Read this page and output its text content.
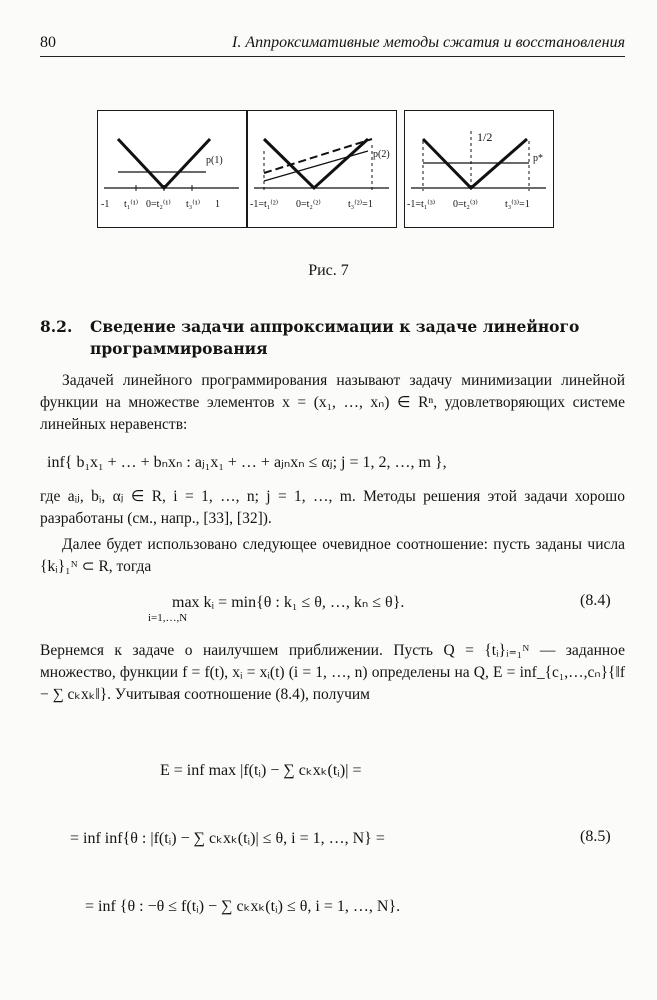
80	I. Аппроксимативные методы сжатия и восстановления
p(1)
-1 t₁⁽¹⁾ 0=t₂⁽¹⁾ t₃⁽¹⁾ 1
p(2)
-1=t₁⁽²⁾ 0=t₂⁽²⁾	t₃⁽²⁾=1
1/2
p*
-1=t₁⁽³⁾ 0=t₂⁽³⁾	t₃⁽³⁾=1
Рис. 7
8.2. Сведение задачи аппроксимации к задаче линейного программирования
Задачей линейного программирования называют задачу минимизации линейной функции на множестве элементов x = (x₁, …, xₙ) ∈ Rⁿ, удовлетворяющих системе линейных неравенств:
inf{ b₁x₁ + … + bₙxₙ : aⱼ₁x₁ + … + aⱼₙxₙ ≤ αⱼ; j = 1, 2, …, m },
где aᵢⱼ, bᵢ, αⱼ ∈ R, i = 1, …, n; j = 1, …, m. Методы решения этой задачи хорошо разработаны (см., напр., [33], [32]).
Далее будет использовано следующее очевидное соотношение: пусть заданы числа {kᵢ}₁ᴺ ⊂ R, тогда
max kᵢ = min{θ : k₁ ≤ θ, …, kₙ ≤ θ}.
i=1,…,N
(8.4)
Вернемся к задаче о наилучшем приближении. Пусть Q = {tᵢ}ᵢ₌₁ᴺ — заданное множество, функции f = f(t), xᵢ = xᵢ(t) (i = 1, …, n) определены на Q, E = inf_{c₁,…,cₙ}{‖f − ∑ cₖxₖ‖}. Учитывая соотношение (8.4), получим
E = inf max |f(tᵢ) − ∑ cₖxₖ(tᵢ)| =
= inf inf{θ : |f(tᵢ) − ∑ cₖxₖ(tᵢ)| ≤ θ, i = 1, …, N} =	(8.5)
= inf {θ : −θ ≤ f(tᵢ) − ∑ cₖxₖ(tᵢ) ≤ θ, i = 1, …, N}.
